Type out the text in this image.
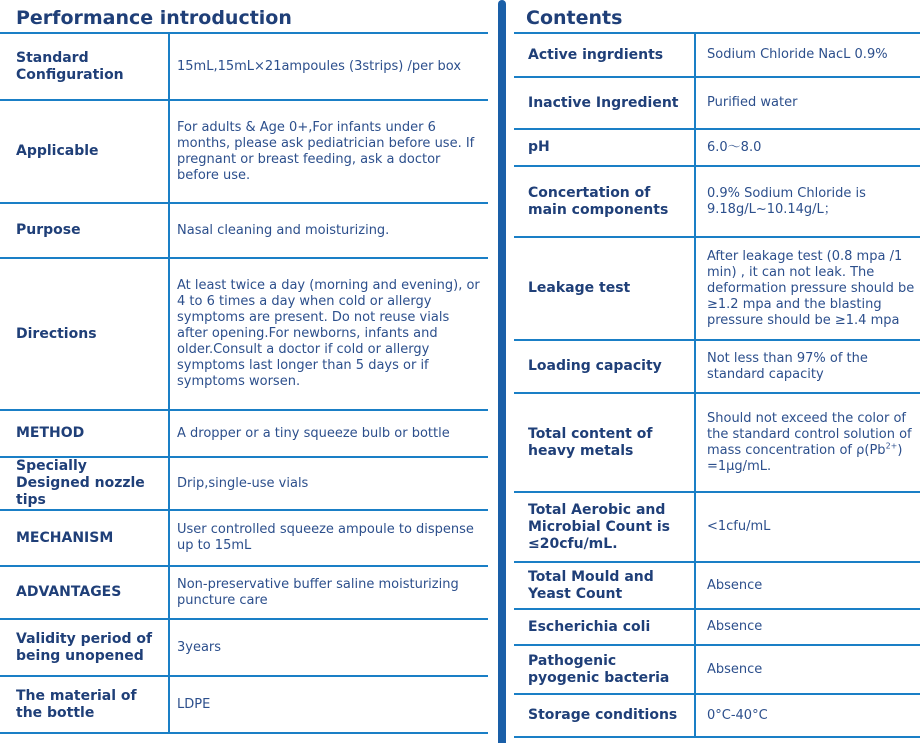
Performance introduction
Standard Configuration	15mL,15mL×21ampoules (3strips) /per box
Applicable	For adults & Age 0+,For infants under 6 months, please ask pediatrician before use. If pregnant or breast feeding, ask a doctor before use.
Purpose	Nasal cleaning and moisturizing.
Directions	At least twice a day (morning and evening), or 4 to 6 times a day when cold or allergy symptoms are present. Do not reuse vials after opening.For newborns, infants and older.Consult a doctor if cold or allergy symptoms last longer than 5 days or if symptoms worsen.
METHOD	A dropper or a tiny squeeze bulb or bottle
Specially Designed nozzle tips	Drip,single-use vials
MECHANISM	User controlled squeeze ampoule to dispense up to 15mL
ADVANTAGES	Non-preservative buffer saline moisturizing puncture care
Validity period of being unopened	3years
The material of the bottle	LDPE
Contents
Active ingrdients	Sodium Chloride NacL 0.9%
Inactive Ingredient	Purified water
pH	6.0～8.0
Concertation of main components	0.9% Sodium Chloride is 9.18g/L~10.14g/L；
Leakage test	After leakage test (0.8 mpa /1 min) , it can not leak. The deformation pressure should be ≥1.2 mpa and the blasting pressure should be ≥1.4 mpa
Loading capacity	Not less than 97% of the standard capacity
Total content of heavy metals	Should not exceed the color of the standard control solution of mass concentration of $\rho(Pb^{2+}) =1\mu g/mL$.
Total Aerobic and Microbial Count is ≤20cfu/mL.	<1cfu/mL
Total Mould and Yeast Count	Absence
Escherichia coli	Absence
Pathogenic pyogenic bacteria	Absence
Storage conditions	0°C-40°C
